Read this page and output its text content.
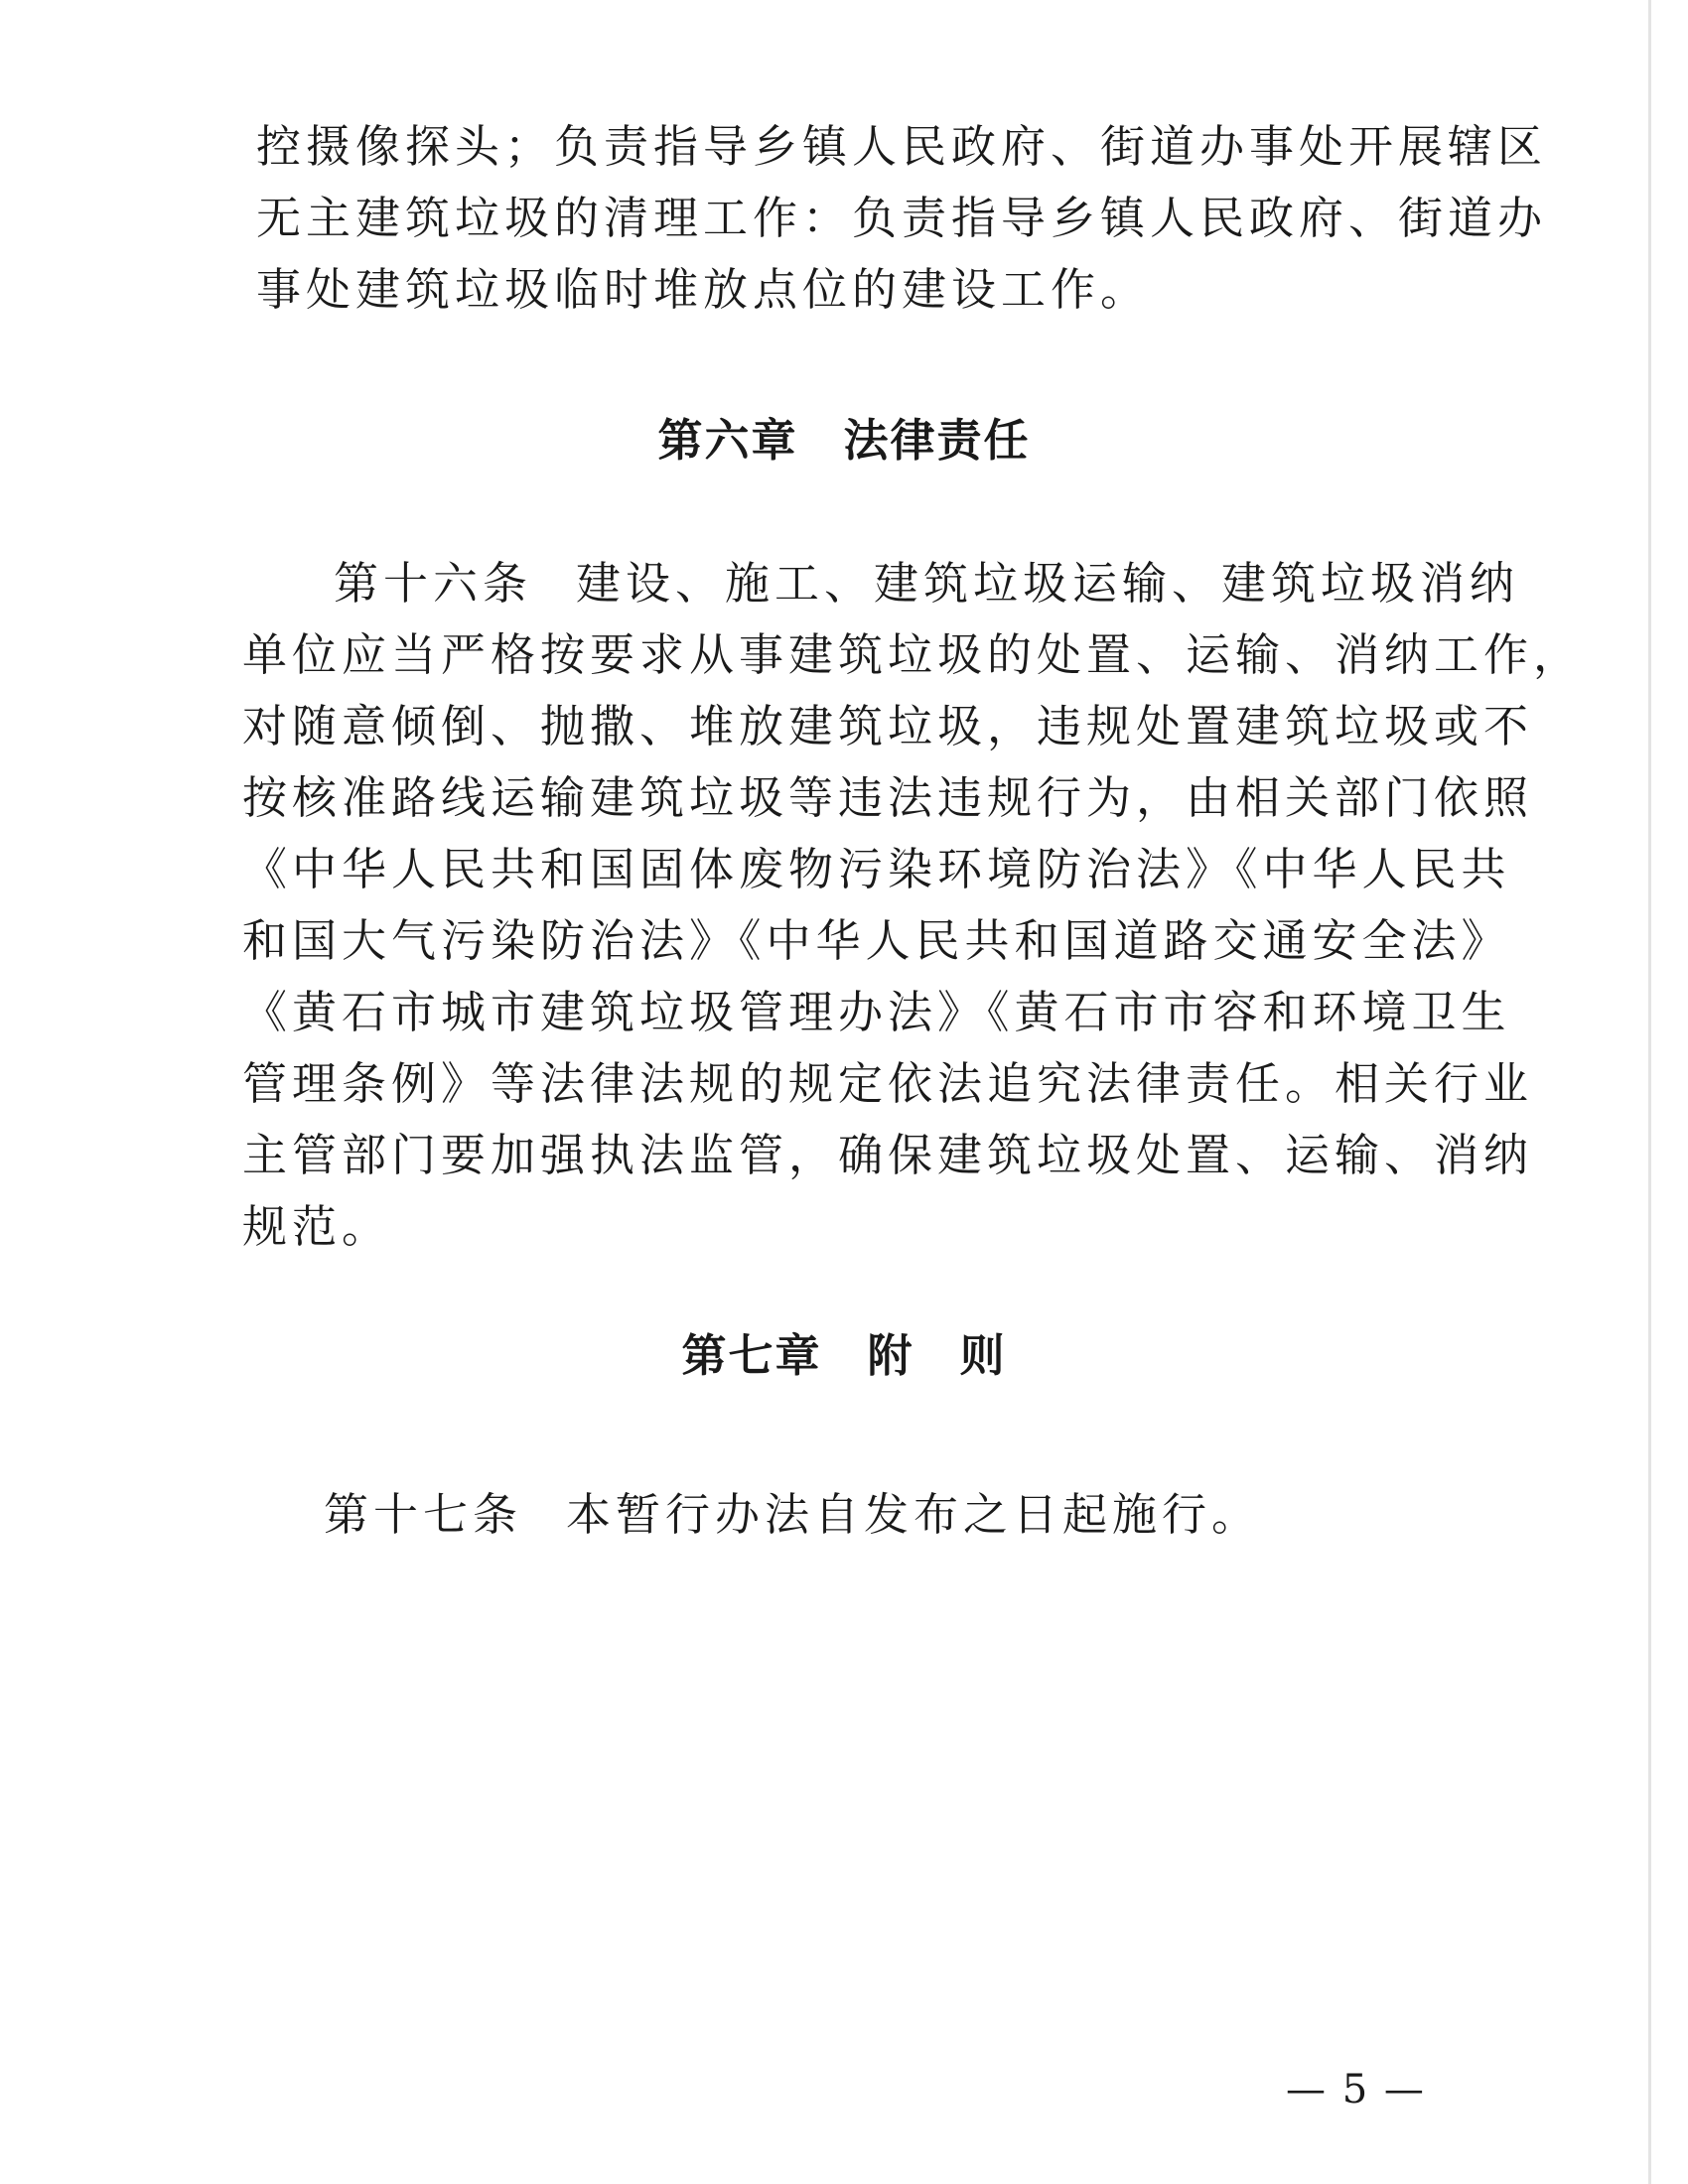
控摄像探头；负责指导乡镇人民政府、街道办事处开展辖区
无主建筑垃圾的清理工作：负责指导乡镇人民政府、街道办
事处建筑垃圾临时堆放点位的建设工作。
第六章 法律责任
第十六条 建设、施工、建筑垃圾运输、建筑垃圾消纳
单位应当严格按要求从事建筑垃圾的处置、运输、消纳工作，
对随意倾倒、抛撒、堆放建筑垃圾，违规处置建筑垃圾或不
按核准路线运输建筑垃圾等违法违规行为，由相关部门依照
《中华人民共和国固体废物污染环境防治法》《中华人民共
和国大气污染防治法》《中华人民共和国道路交通安全法》
《黄石市城市建筑垃圾管理办法》《黄石市市容和环境卫生
管理条例》等法律法规的规定依法追究法律责任。相关行业
主管部门要加强执法监管，确保建筑垃圾处置、运输、消纳
规范。
第七章 附 则
第十七条 本暂行办法自发布之日起施行。
— 5 —
